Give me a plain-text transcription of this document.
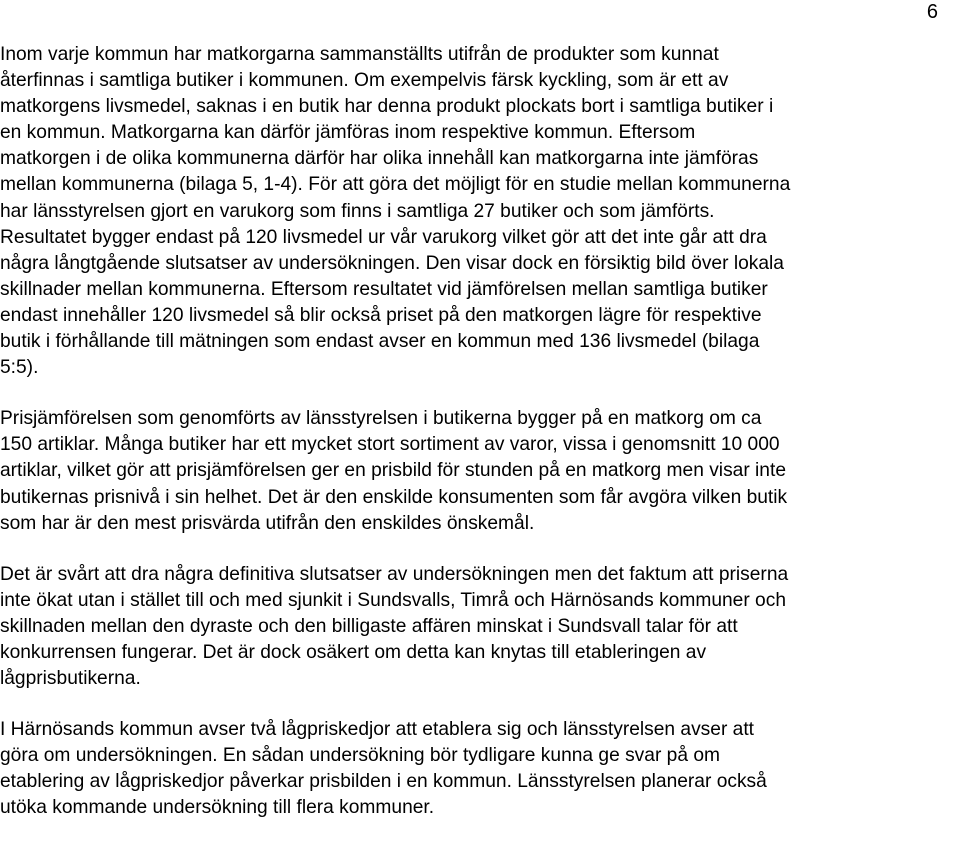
6

Inom varje kommun har matkorgarna sammanställts utifrån de produkter som kunnat
återfinnas i samtliga butiker i kommunen. Om exempelvis färsk kyckling, som är ett av
matkorgens livsmedel, saknas i en butik har denna produkt plockats bort i samtliga butiker i
en kommun. Matkorgarna kan därför jämföras inom respektive kommun. Eftersom
matkorgen i de olika kommunerna därför har olika innehåll kan matkorgarna inte jämföras
mellan kommunerna (bilaga 5, 1-4). För att göra det möjligt för en studie mellan kommunerna
har länsstyrelsen gjort en varukorg som finns i samtliga 27 butiker och som jämförts.
Resultatet bygger endast på 120 livsmedel ur vår varukorg vilket gör att det inte går att dra
några långtgående slutsatser av undersökningen. Den visar dock en försiktig bild över lokala
skillnader mellan kommunerna. Eftersom resultatet vid jämförelsen mellan samtliga butiker
endast innehåller 120 livsmedel så blir också priset på den matkorgen lägre för respektive
butik i förhållande till mätningen som endast avser en kommun med 136 livsmedel (bilaga
5:5).

Prisjämförelsen som genomförts av länsstyrelsen i butikerna bygger på en matkorg om ca
150 artiklar. Många butiker har ett mycket stort sortiment av varor, vissa i genomsnitt 10 000
artiklar, vilket gör att prisjämförelsen ger en prisbild för stunden på en matkorg men visar inte
butikernas prisnivå i sin helhet. Det är den enskilde konsumenten som får avgöra vilken butik
som har är den mest prisvärda utifrån den enskildes önskemål.

Det är svårt att dra några definitiva slutsatser av undersökningen men det faktum att priserna
inte ökat utan i stället till och med sjunkit i Sundsvalls, Timrå och Härnösands kommuner och
skillnaden mellan den dyraste och den billigaste affären minskat i Sundsvall talar för att
konkurrensen fungerar. Det är dock osäkert om detta kan knytas till etableringen av
lågprisbutikerna.

I Härnösands kommun avser två lågpriskedjor att etablera sig och länsstyrelsen avser att
göra om undersökningen. En sådan undersökning bör tydligare kunna ge svar på om
etablering av lågpriskedjor påverkar prisbilden i en kommun. Länsstyrelsen planerar också
utöka kommande undersökning till flera kommuner.
